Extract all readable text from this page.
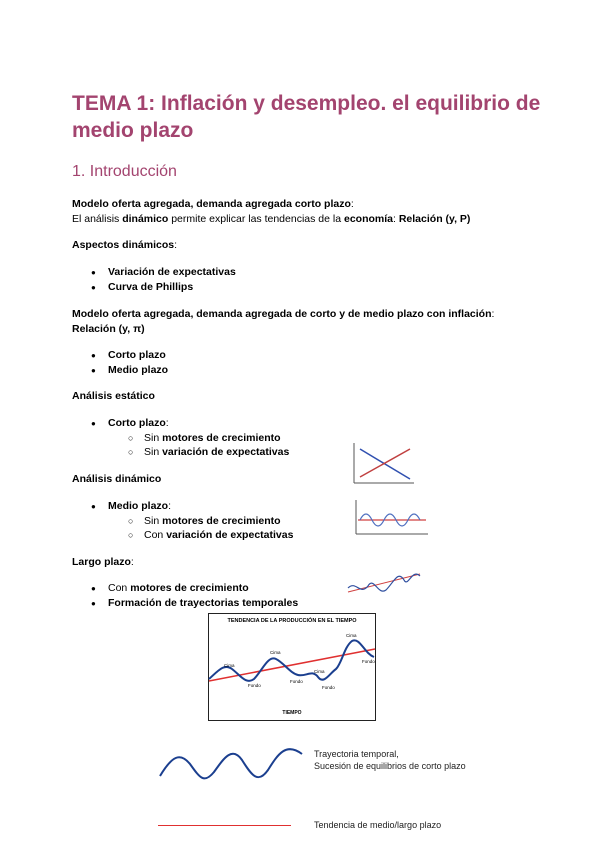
TEMA 1: Inflación y desempleo. el equilibrio de medio plazo
1. Introducción
Modelo oferta agregada, demanda agregada corto plazo:
El análisis dinámico permite explicar las tendencias de la economía: Relación (y, P)
Aspectos dinámicos:
● Variación de expectativas
● Curva de Phillips
Modelo oferta agregada, demanda agregada de corto y de medio plazo con inflación:
Relación (y, π)
● Corto plazo
● Medio plazo
Análisis estático
● Corto plazo:
○ Sin motores de crecimiento
○ Sin variación de expectativas
Análisis dinámico
● Medio plazo:
○ Sin motores de crecimiento
○ Con variación de expectativas
Largo plazo:
● Con motores de crecimiento
● Formación de trayectorias temporales
TENDENCIA DE LA PRODUCCIÓN EN EL TIEMPO
Cima
Cima
Cima
Cima
Fondo
Fondo
Fondo
Fondo
TIEMPO
Trayectoria temporal,
Sucesión de equilibrios de corto plazo
Tendencia de medio/largo plazo
